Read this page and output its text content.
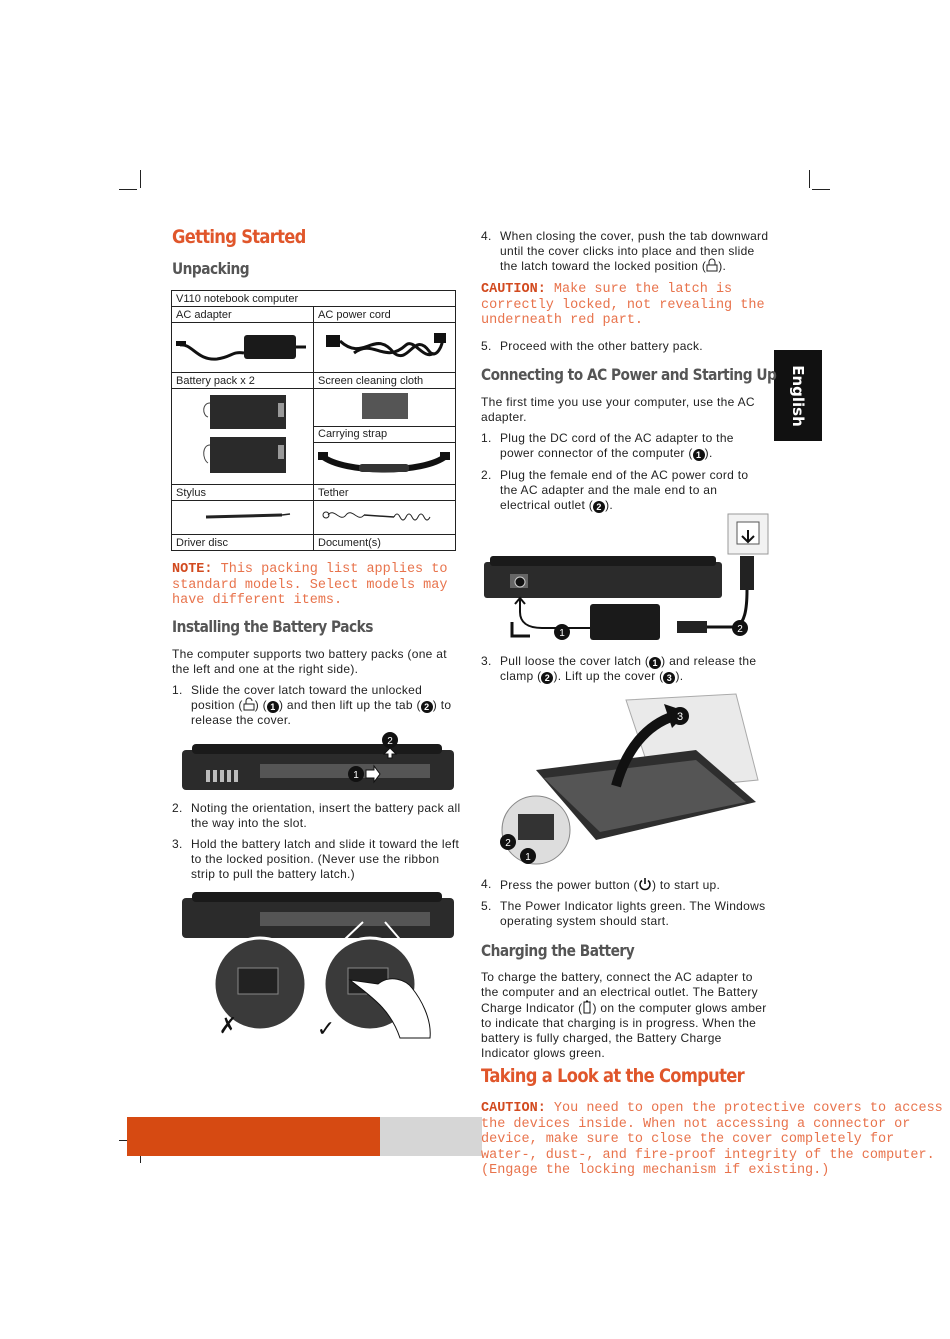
English
Getting Started
Unpacking
V110 notebook computer	
AC adapter	AC power cord

Battery pack x 2	Screen cleaning cloth

	Carrying strap

Stylus	Tether

Driver disc	Document(s)
NOTE: This packing list applies to standard models. Select models may have different items.
Installing the Battery Packs
The computer supports two battery packs (one at the left and one at the right side).
1. Slide the cover latch toward the unlocked position ( ) ( 1 ) and then lift up the tab ( 2 ) to release the cover.
2
1
2. Noting the orientation, insert the battery pack all the way into the slot.
3. Hold the battery latch and slide it toward the left to the locked position. (Never use the ribbon strip to pull the battery latch.)
✗	✓
4. When closing the cover, push the tab downward until the cover clicks into place and then slide the latch toward the locked position ( ).
CAUTION: Make sure the latch is correctly locked, not revealing the underneath red part.
5. Proceed with the other battery pack.
Connecting to AC Power and Starting Up
The first time you use your computer, use the AC adapter.
1. Plug the DC cord of the AC adapter to the power connector of the computer ( 1 ).
2. Plug the female end of the AC power cord to the AC adapter and the male end to an electrical outlet ( 2 ).
1	2
3. Pull loose the cover latch ( 1 ) and release the clamp ( 2 ). Lift up the cover ( 3 ).
3
2
1
4. Press the power button ( ) to start up.
5. The Power Indicator lights green. The Windows operating system should start.
Charging the Battery
To charge the battery, connect the AC adapter to the computer and an electrical outlet. The Battery Charge Indicator ( ) on the computer glows amber to indicate that charging is in progress. When the battery is fully charged, the Battery Charge Indicator glows green.
Taking a Look at the Computer
CAUTION: You need to open the protective covers to access the devices inside. When not accessing a connector or device, make sure to close the cover completely for water-, dust-, and fire-proof integrity of the computer. (Engage the locking mechanism if existing.)
